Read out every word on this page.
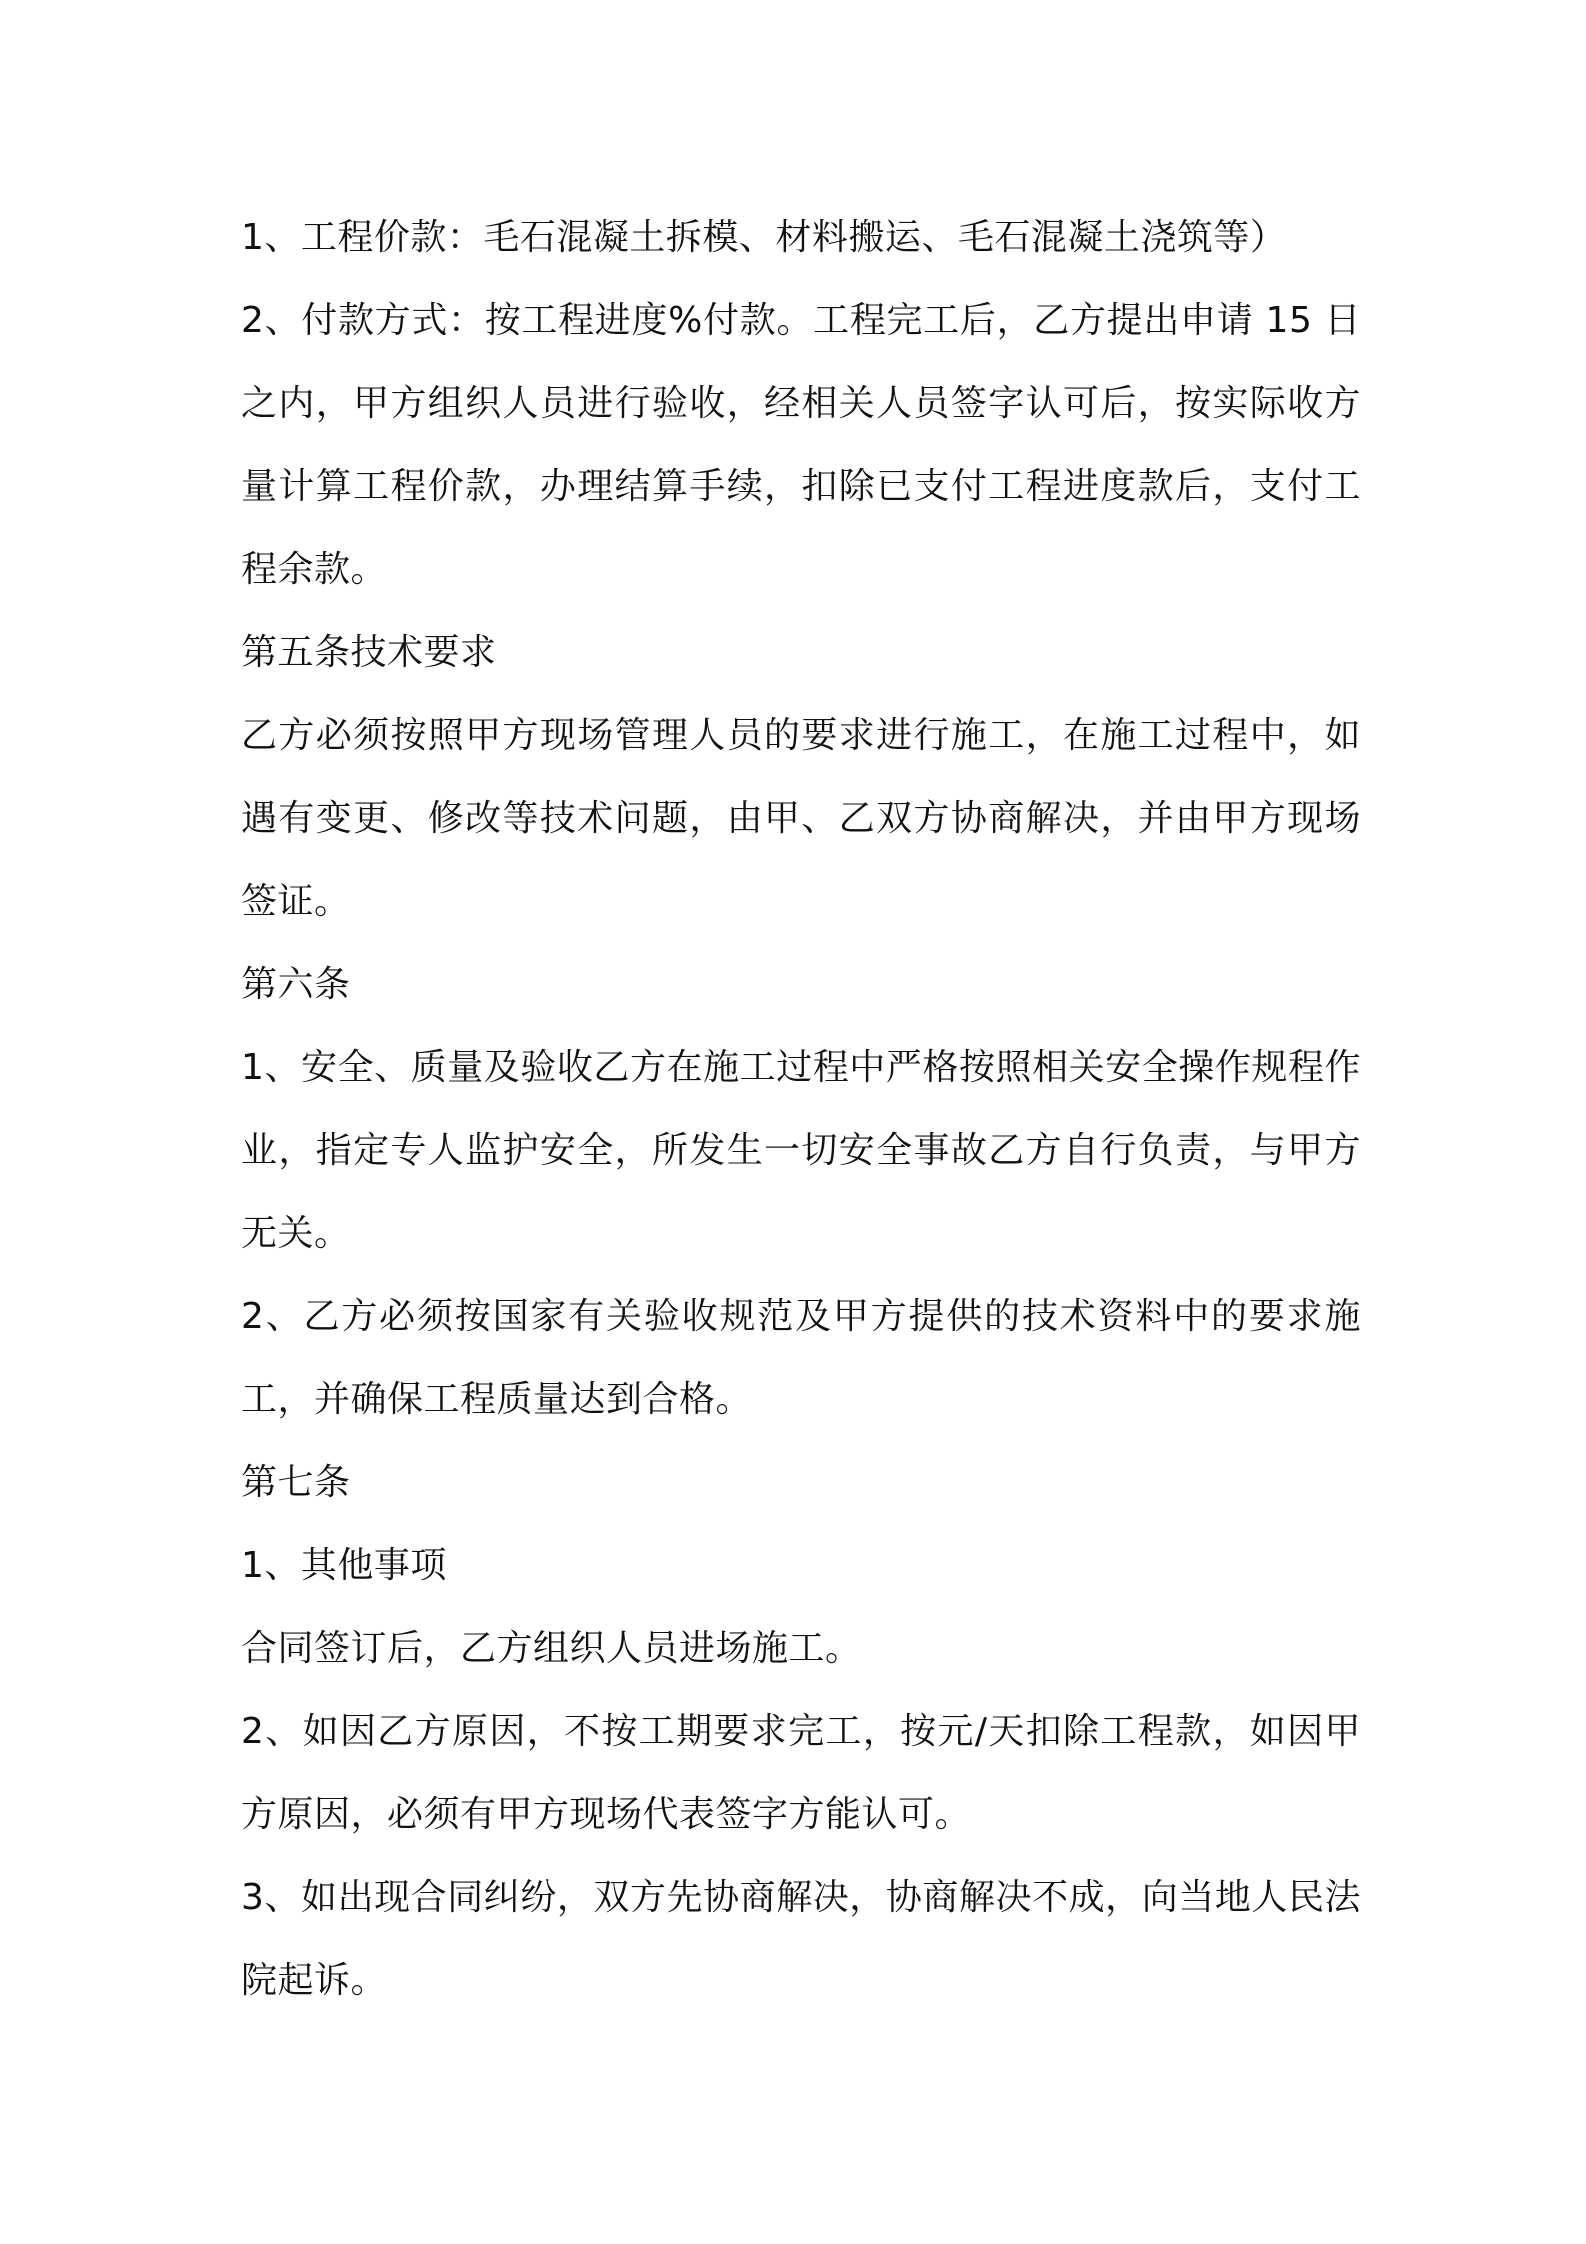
1、工程价款：毛石混凝土拆模、材料搬运、毛石混凝土浇筑等）

2、付款方式：按工程进度%付款。工程完工后，乙方提出申请 15 日之内，甲方组织人员进行验收，经相关人员签字认可后，按实际收方量计算工程价款，办理结算手续，扣除已支付工程进度款后，支付工程余款。

第五条技术要求

乙方必须按照甲方现场管理人员的要求进行施工，在施工过程中，如遇有变更、修改等技术问题，由甲、乙双方协商解决，并由甲方现场签证。

第六条

1、安全、质量及验收乙方在施工过程中严格按照相关安全操作规程作业，指定专人监护安全，所发生一切安全事故乙方自行负责，与甲方无关。

2、乙方必须按国家有关验收规范及甲方提供的技术资料中的要求施工，并确保工程质量达到合格。

第七条

1、其他事项

合同签订后，乙方组织人员进场施工。

2、如因乙方原因，不按工期要求完工，按元/天扣除工程款，如因甲方原因，必须有甲方现场代表签字方能认可。

3、如出现合同纠纷，双方先协商解决，协商解决不成，向当地人民法院起诉。
